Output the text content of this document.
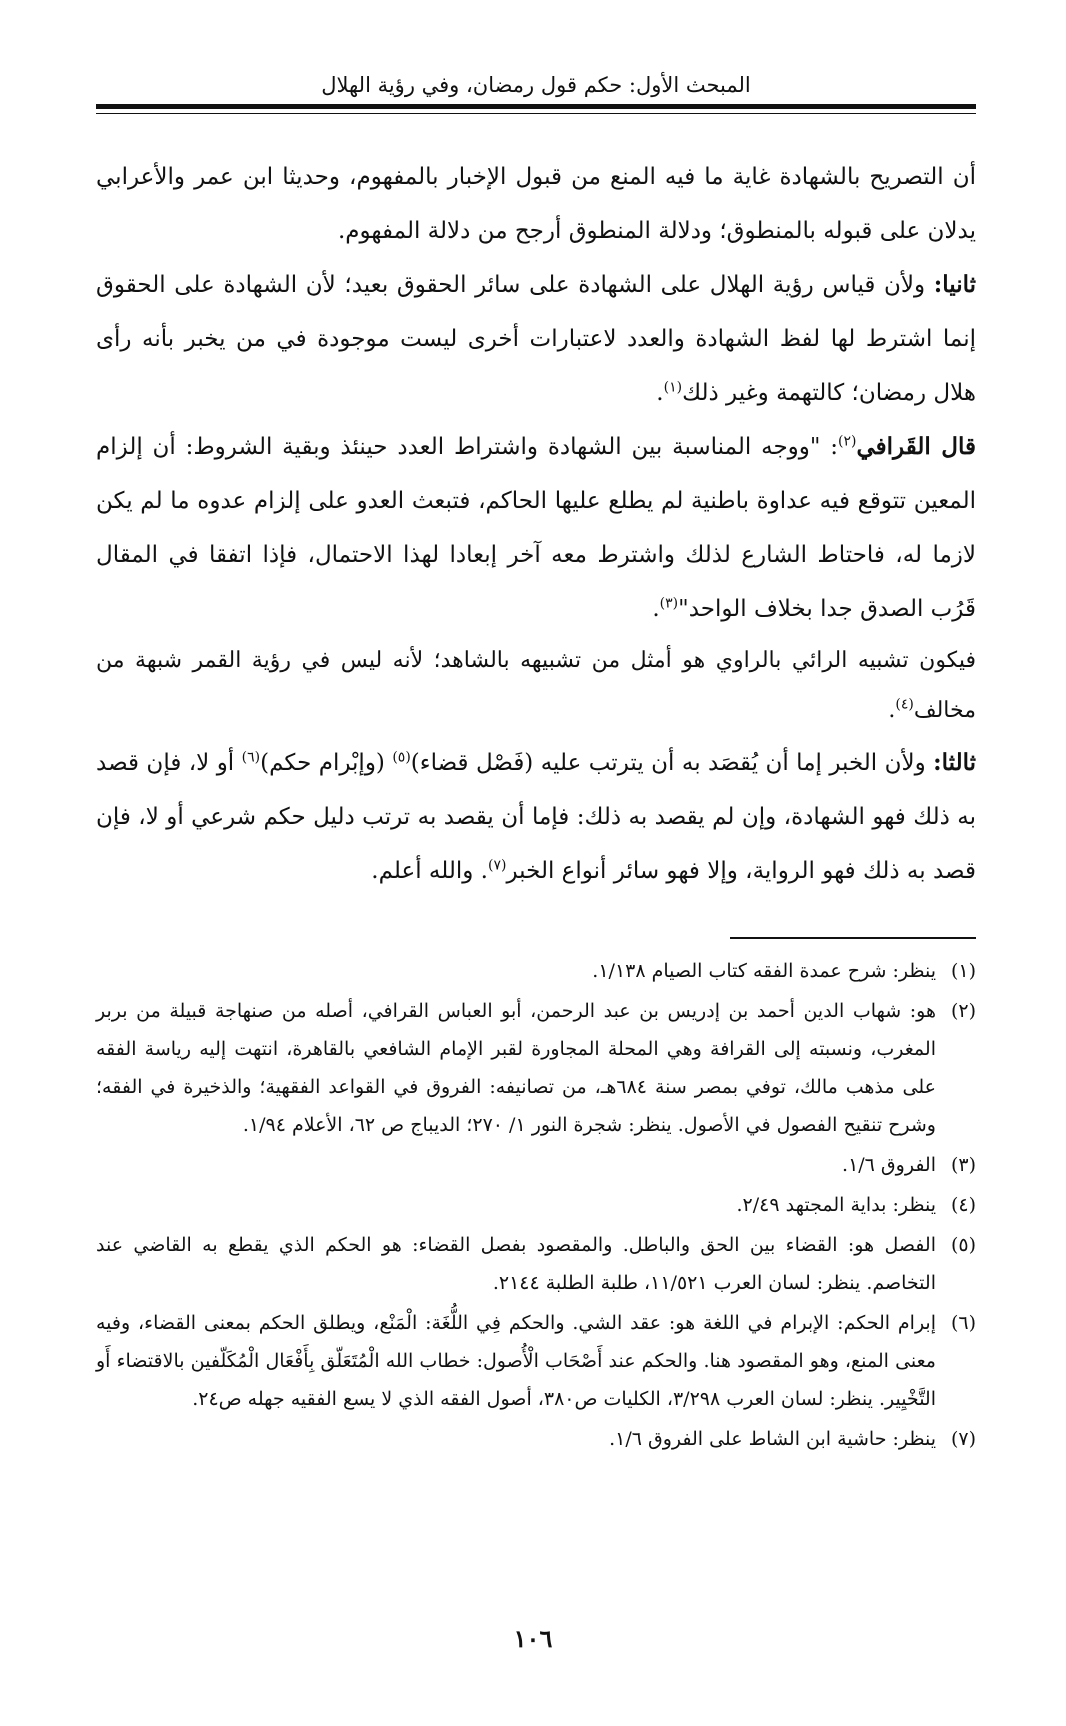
المبحث الأول: حكم قول رمضان، وفي رؤية الهلال

أن التصريح بالشهادة غاية ما فيه المنع من قبول الإخبار بالمفهوم، وحديثا ابن عمر والأعرابي يدلان على قبوله بالمنطوق؛ ودلالة المنطوق أرجح من دلالة المفهوم.

ثانيا: ولأن قياس رؤية الهلال على الشهادة على سائر الحقوق بعيد؛ لأن الشهادة على الحقوق إنما اشترط لها لفظ الشهادة والعدد لاعتبارات أخرى ليست موجودة في من يخبر بأنه رأى هلال رمضان؛ كالتهمة وغير ذلك$^{(١)}$.

قال القَرافي$^{(٢)}$: "ووجه المناسبة بين الشهادة واشتراط العدد حينئذ وبقية الشروط: أن إلزام المعين تتوقع فيه عداوة باطنية لم يطلع عليها الحاكم، فتبعث العدو على إلزام عدوه ما لم يكن لازما له، فاحتاط الشارع لذلك واشترط معه آخر إبعادا لهذا الاحتمال، فإذا اتفقا في المقال قَرُب الصدق جدا بخلاف الواحد"$^{(٣)}$.

فيكون تشبيه الرائي بالراوي هو أمثل من تشبيهه بالشاهد؛ لأنه ليس في رؤية القمر شبهة من مخالف$^{(٤)}$.

ثالثا: ولأن الخبر إما أن يُقصَد به أن يترتب عليه (فَصْل قضاء)$^{(٥)}$ (وإبْرام حكم)$^{(٦)}$ أو لا، فإن قصد به ذلك فهو الشهادة، وإن لم يقصد به ذلك: فإما أن يقصد به ترتب دليل حكم شرعي أو لا، فإن قصد به ذلك فهو الرواية، وإلا فهو سائر أنواع الخبر$^{(٧)}$. والله أعلم.

(١)
ينظر: شرح عمدة الفقه كتاب الصيام ١/١٣٨.
(٢)
هو: شهاب الدين أحمد بن إدريس بن عبد الرحمن، أبو العباس القرافي، أصله من صنهاجة قبيلة من بربر المغرب، ونسبته إلى القرافة وهي المحلة المجاورة لقبر الإمام الشافعي بالقاهرة، انتهت إليه رياسة الفقه على مذهب مالك، توفي بمصر سنة ٦٨٤هـ، من تصانيفه: الفروق في القواعد الفقهية؛ والذخيرة في الفقه؛ وشرح تنقيح الفصول في الأصول. ينظر: شجرة النور ١/ ٢٧٠؛ الديباج ص ٦٢، الأعلام ١/٩٤.
(٣)
الفروق ١/٦.
(٤)
ينظر: بداية المجتهد ٢/٤٩.
(٥)
الفصل هو: القضاء بين الحق والباطل. والمقصود بفصل القضاء: هو الحكم الذي يقطع به القاضي عند التخاصم. ينظر: لسان العرب ١١/٥٢١، طلبة الطلبة ٢١٤٤.
(٦)
إبرام الحكم: الإبرام في اللغة هو: عقد الشي. والحكم فِي اللُّغَة: الْمَنْع، ويطلق الحكم بمعنى القضاء، وفيه معنى المنع، وهو المقصود هنا. والحكم عند أَصْحَاب الْأُصول: خطاب الله الْمُتَعَلّق بِأَفْعَال الْمُكَلّفين بالاقتضاء أَو التَّخْيِير. ينظر: لسان العرب ٣/٢٩٨، الكليات ص٣٨٠، أصول الفقه الذي لا يسع الفقيه جهله ص٢٤.
(٧)
ينظر: حاشية ابن الشاط على الفروق ١/٦.
١٠٦
